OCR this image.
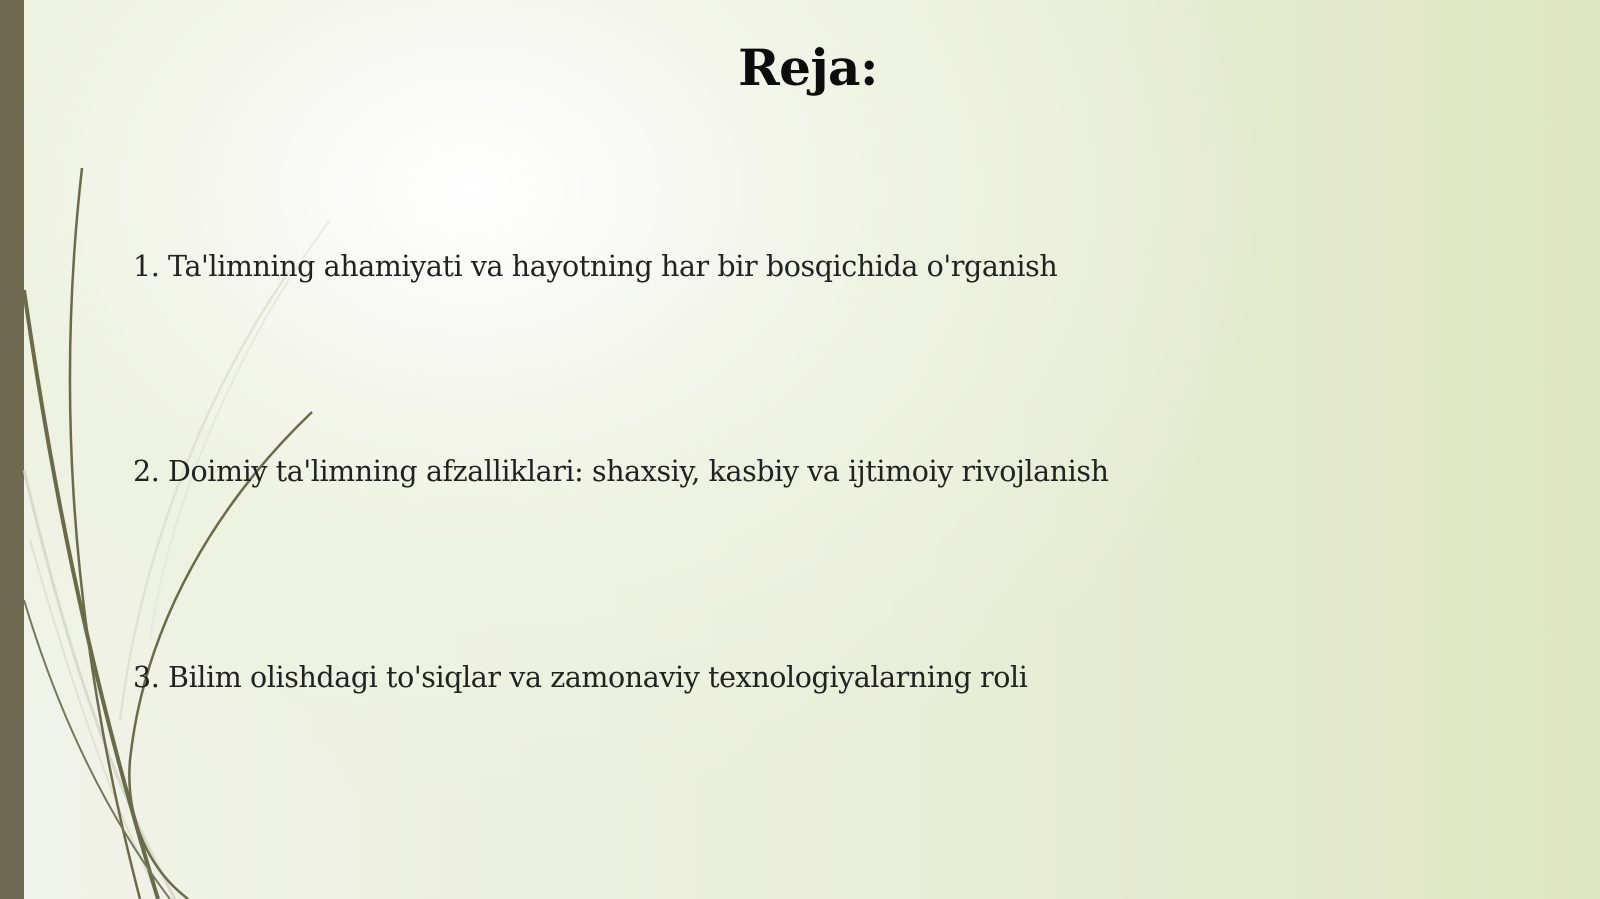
Reja:
1. Ta'limning ahamiyati va hayotning har bir bosqichida o'rganish
2. Doimiy ta'limning afzalliklari: shaxsiy, kasbiy va ijtimoiy rivojlanish
3. Bilim olishdagi to'siqlar va zamonaviy texnologiyalarning roli
